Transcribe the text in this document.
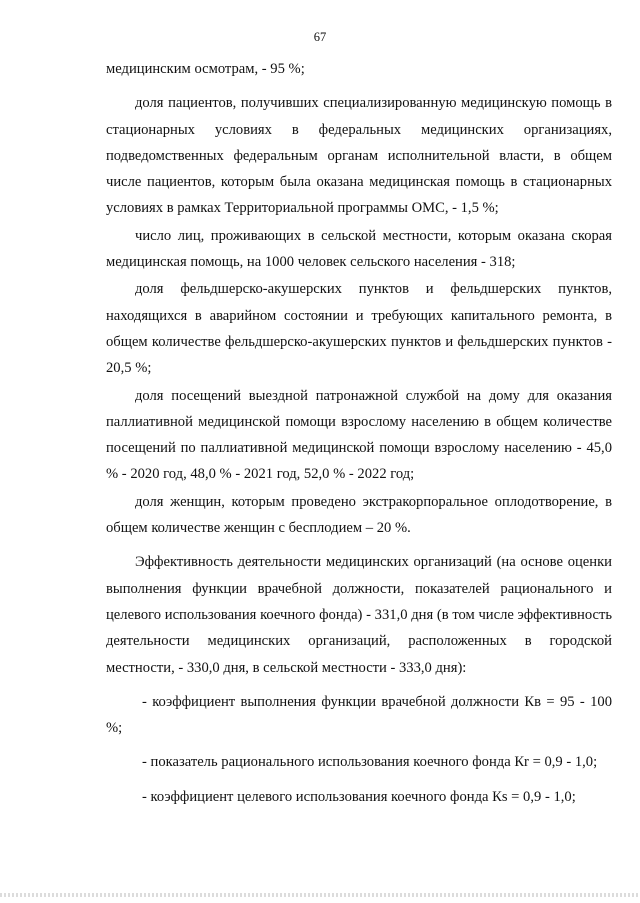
67

медицинским осмотрам, - 95 %;

доля пациентов, получивших специализированную медицинскую помощь в стационарных условиях в федеральных медицинских организациях, подведомственных федеральным органам исполнительной власти, в общем числе пациентов, которым была оказана медицинская помощь в стационарных условиях в рамках Территориальной программы ОМС, - 1,5 %;

число лиц, проживающих в сельской местности, которым оказана скорая медицинская помощь, на 1000 человек сельского населения - 318;

доля фельдшерско-акушерских пунктов и фельдшерских пунктов, находящихся в аварийном состоянии и требующих капитального ремонта, в общем количестве фельдшерско-акушерских пунктов и фельдшерских пунктов - 20,5 %;

доля посещений выездной патронажной службой на дому для оказания паллиативной медицинской помощи взрослому населению в общем количестве посещений по паллиативной медицинской помощи взрослому населению - 45,0 % - 2020 год, 48,0 % - 2021 год, 52,0 % - 2022 год;

доля женщин, которым проведено экстракорпоральное оплодотворение, в общем количестве женщин с бесплодием – 20 %.

Эффективность деятельности медицинских организаций (на основе оценки выполнения функции врачебной должности, показателей рационального и целевого использования коечного фонда) - 331,0 дня (в том числе эффективность деятельности медицинских организаций, расположенных в городской местности, - 330,0 дня, в сельской местности - 333,0 дня):

- коэффициент выполнения функции врачебной должности Кв = 95 - 100 %;

- показатель рационального использования коечного фонда Кr = 0,9 - 1,0;

- коэффициент целевого использования коечного фонда Кs = 0,9 - 1,0;
